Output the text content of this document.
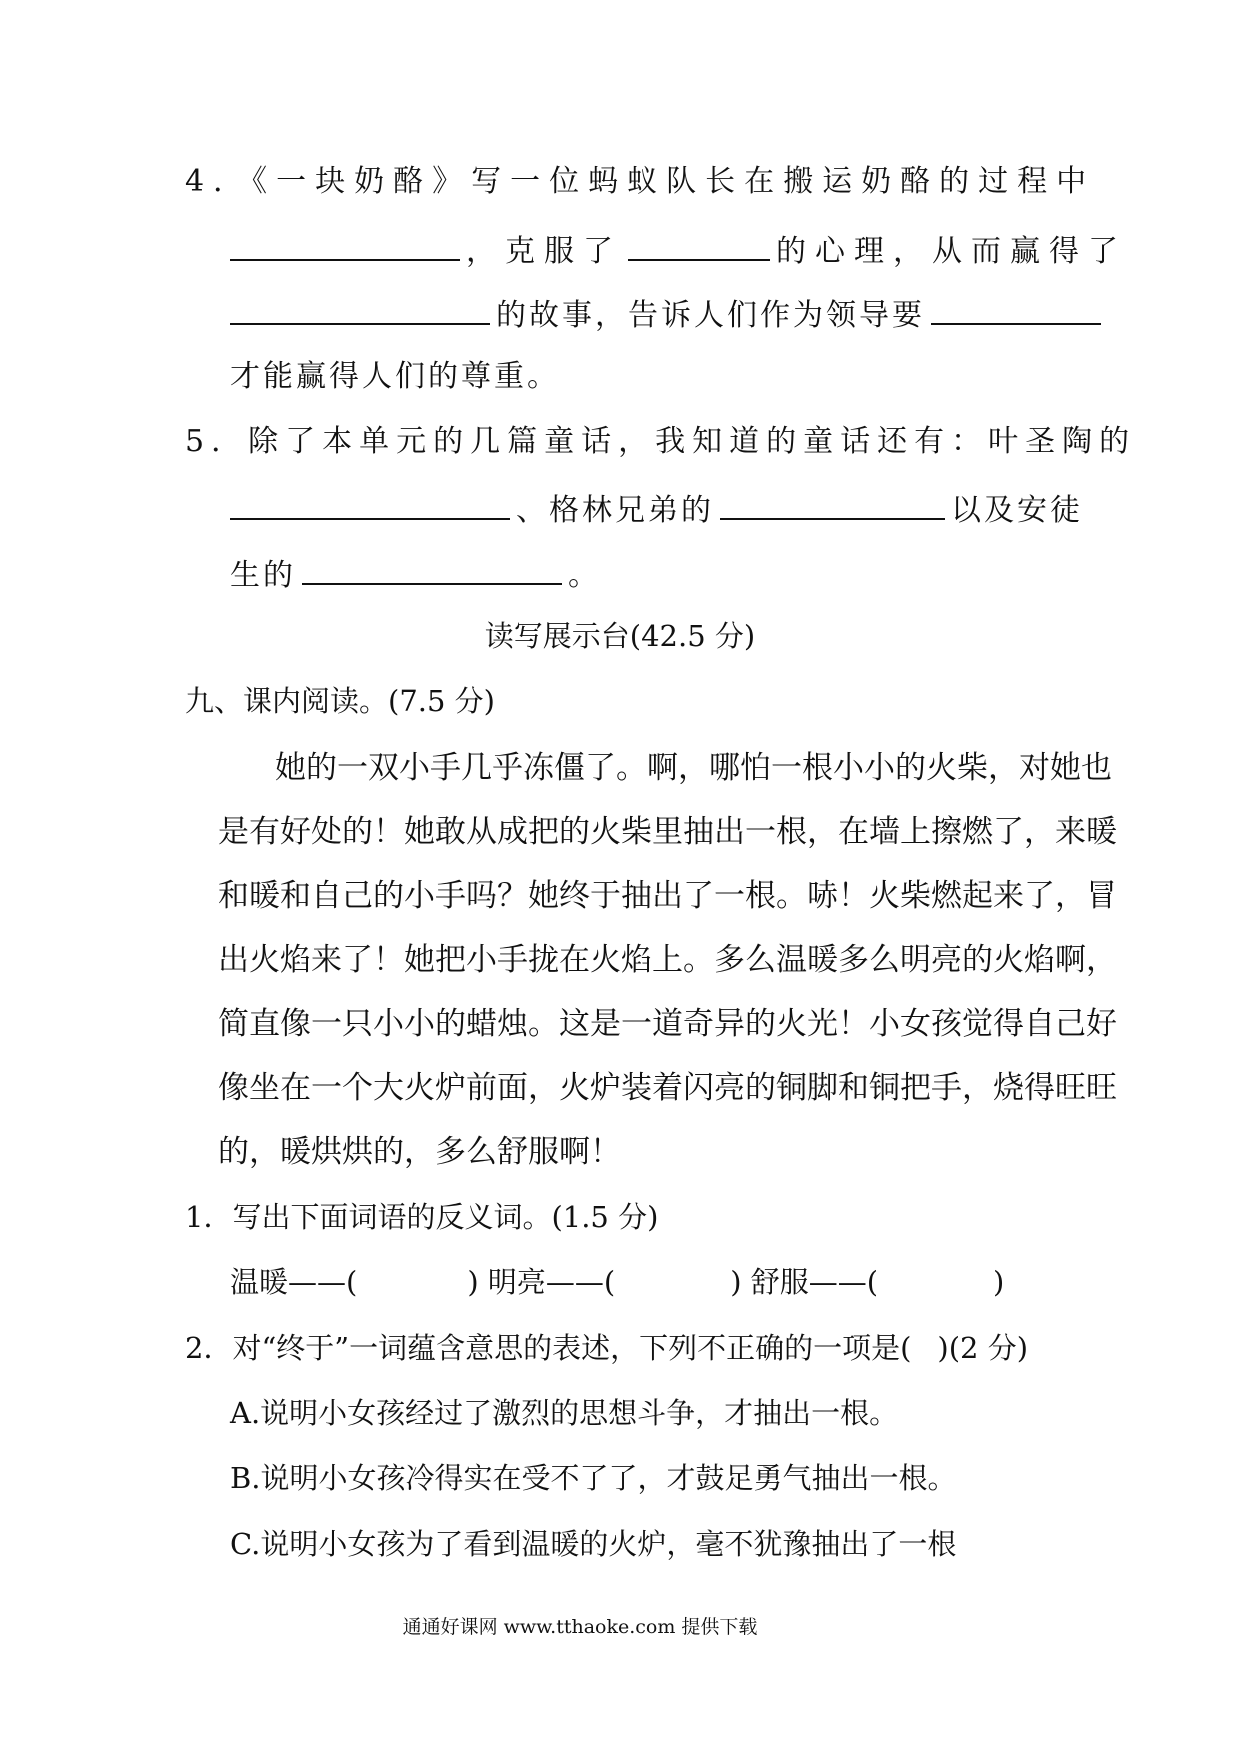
4．《一块奶酪》写一位蚂蚁队长在搬运奶酪的过程中
，克服了	的心理，从而赢得了
的故事，告诉人们作为领导要
才能赢得人们的尊重。
5．除了本单元的几篇童话，我知道的童话还有：叶圣陶的
、格林兄弟的	以及安徒
生的	。
读写展示台(42.5 分)
九、课内阅读。(7.5 分)
她的一双小手几乎冻僵了。啊，哪怕一根小小的火柴，对她也
是有好处的！她敢从成把的火柴里抽出一根，在墙上擦燃了，来暖
和暖和自己的小手吗？她终于抽出了一根。哧！火柴燃起来了，冒
出火焰来了！她把小手拢在火焰上。多么温暖多么明亮的火焰啊，
简直像一只小小的蜡烛。这是一道奇异的火光！小女孩觉得自己好
像坐在一个大火炉前面，火炉装着闪亮的铜脚和铜把手，烧得旺旺
的，暖烘烘的，多么舒服啊！
1．写出下面词语的反义词。(1.5 分)
温暖——(	) 明亮——(	) 舒服——(	)
2．对“终于”一词蕴含意思的表述，下列不正确的一项是( )(2 分)
A.说明小女孩经过了激烈的思想斗争，才抽出一根。
B.说明小女孩冷得实在受不了了，才鼓足勇气抽出一根。
C.说明小女孩为了看到温暖的火炉，毫不犹豫抽出了一根
通通好课网 www.tthaoke.com 提供下载
